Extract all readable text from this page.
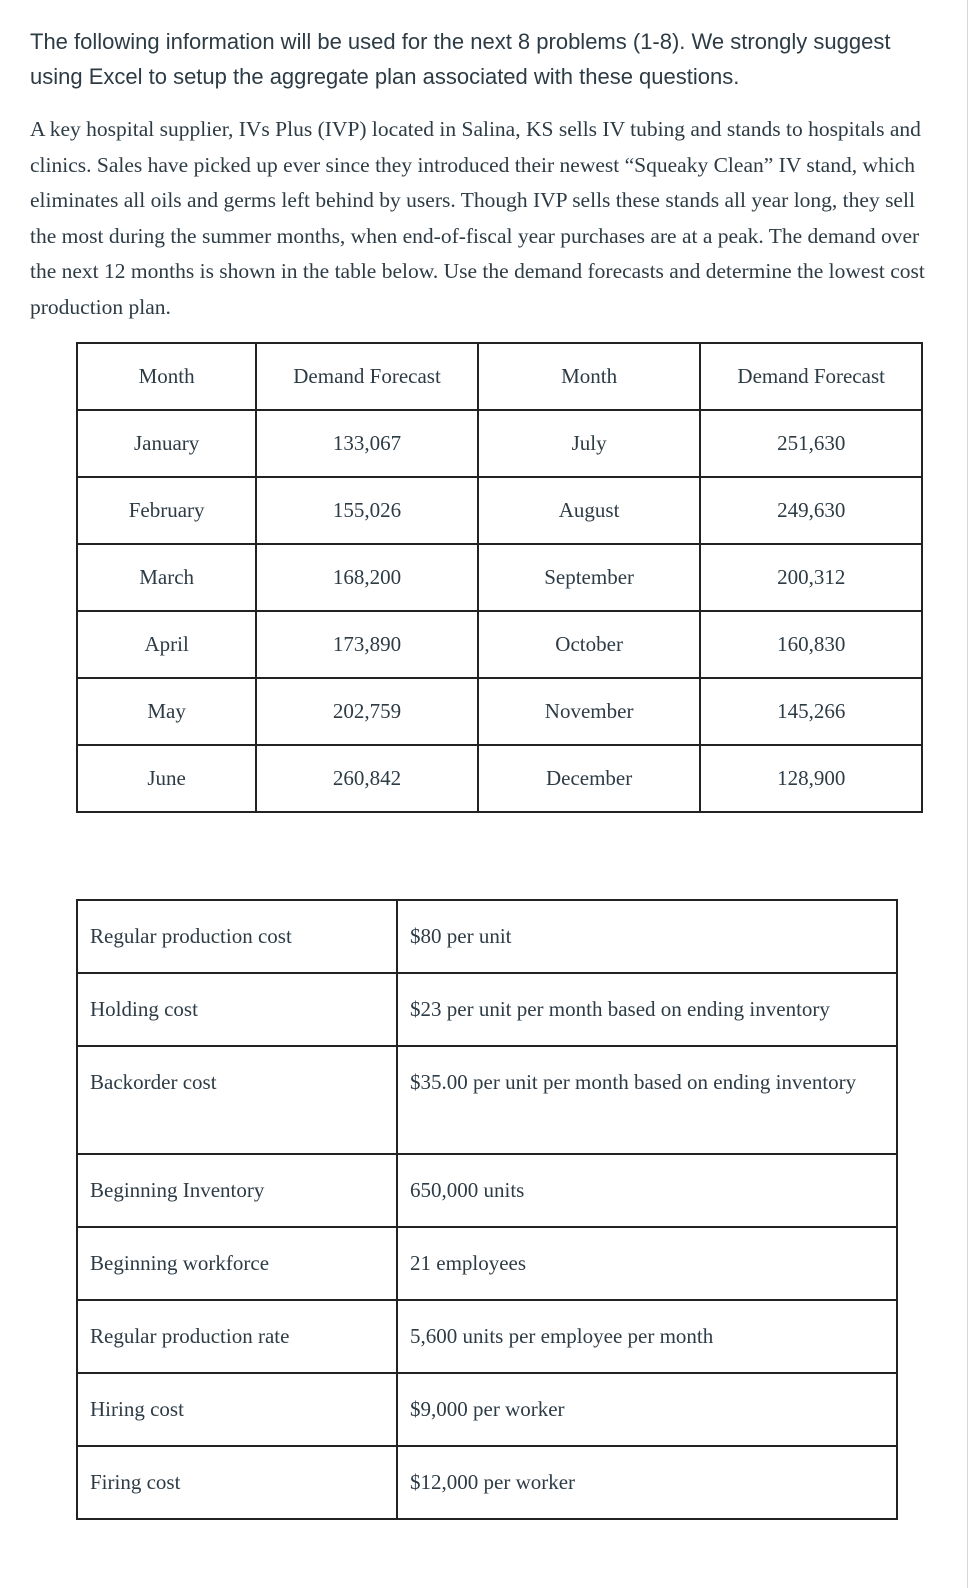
The following information will be used for the next 8 problems (1-8). We strongly suggest using Excel to setup the aggregate plan associated with these questions.
A key hospital supplier, IVs Plus (IVP) located in Salina, KS sells IV tubing and stands to hospitals and clinics. Sales have picked up ever since they introduced their newest “Squeaky Clean” IV stand, which eliminates all oils and germs left behind by users. Though IVP sells these stands all year long, they sell the most during the summer months, when end-of-fiscal year purchases are at a peak. The demand over the next 12 months is shown in the table below. Use the demand forecasts and determine the lowest cost production plan.
Month	Demand Forecast	Month	Demand Forecast
January	133,067	July	251,630
February	155,026	August	249,630
March	168,200	September	200,312
April	173,890	October	160,830
May	202,759	November	145,266
June	260,842	December	128,900
Regular production cost	$80 per unit
Holding cost	$23 per unit per month based on ending inventory
Backorder cost	$35.00 per unit per month based on ending inventory
Beginning Inventory	650,000 units
Beginning workforce	21 employees
Regular production rate	5,600 units per employee per month
Hiring cost	$9,000 per worker
Firing cost	$12,000 per worker
